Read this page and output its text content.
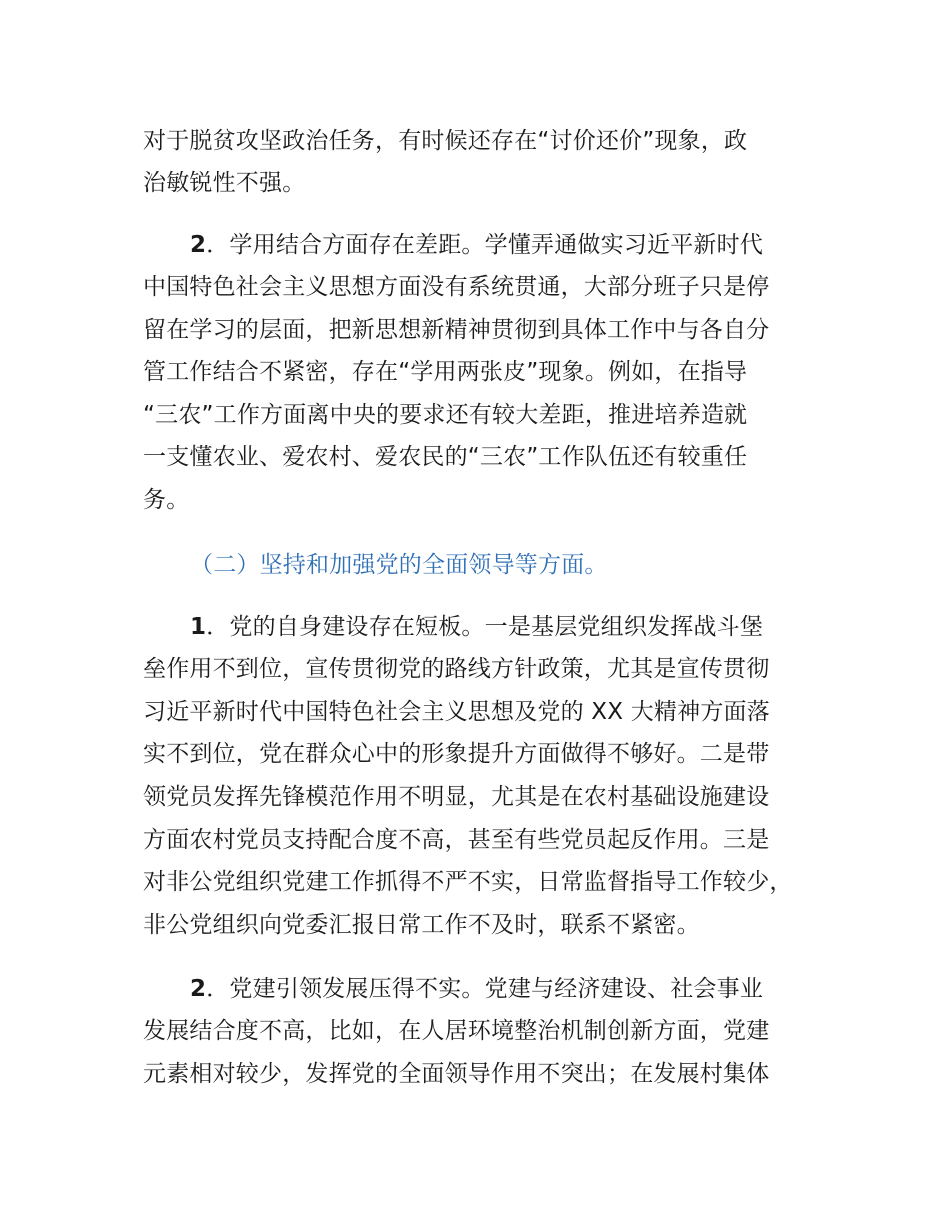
对于脱贫攻坚政治任务，有时候还存在“讨价还价”现象，政
治敏锐性不强。
2．学用结合方面存在差距。学懂弄通做实习近平新时代
中国特色社会主义思想方面没有系统贯通，大部分班子只是停
留在学习的层面，把新思想新精神贯彻到具体工作中与各自分
管工作结合不紧密，存在“学用两张皮”现象。例如，在指导
“三农”工作方面离中央的要求还有较大差距，推进培养造就
一支懂农业、爱农村、爱农民的“三农”工作队伍还有较重任
务。
（二）坚持和加强党的全面领导等方面。
1．党的自身建设存在短板。一是基层党组织发挥战斗堡
垒作用不到位，宣传贯彻党的路线方针政策，尤其是宣传贯彻
习近平新时代中国特色社会主义思想及党的 XX 大精神方面落
实不到位，党在群众心中的形象提升方面做得不够好。二是带
领党员发挥先锋模范作用不明显，尤其是在农村基础设施建设
方面农村党员支持配合度不高，甚至有些党员起反作用。三是
对非公党组织党建工作抓得不严不实，日常监督指导工作较少，
非公党组织向党委汇报日常工作不及时，联系不紧密。
2．党建引领发展压得不实。党建与经济建设、社会事业
发展结合度不高，比如，在人居环境整治机制创新方面，党建
元素相对较少，发挥党的全面领导作用不突出；在发展村集体
